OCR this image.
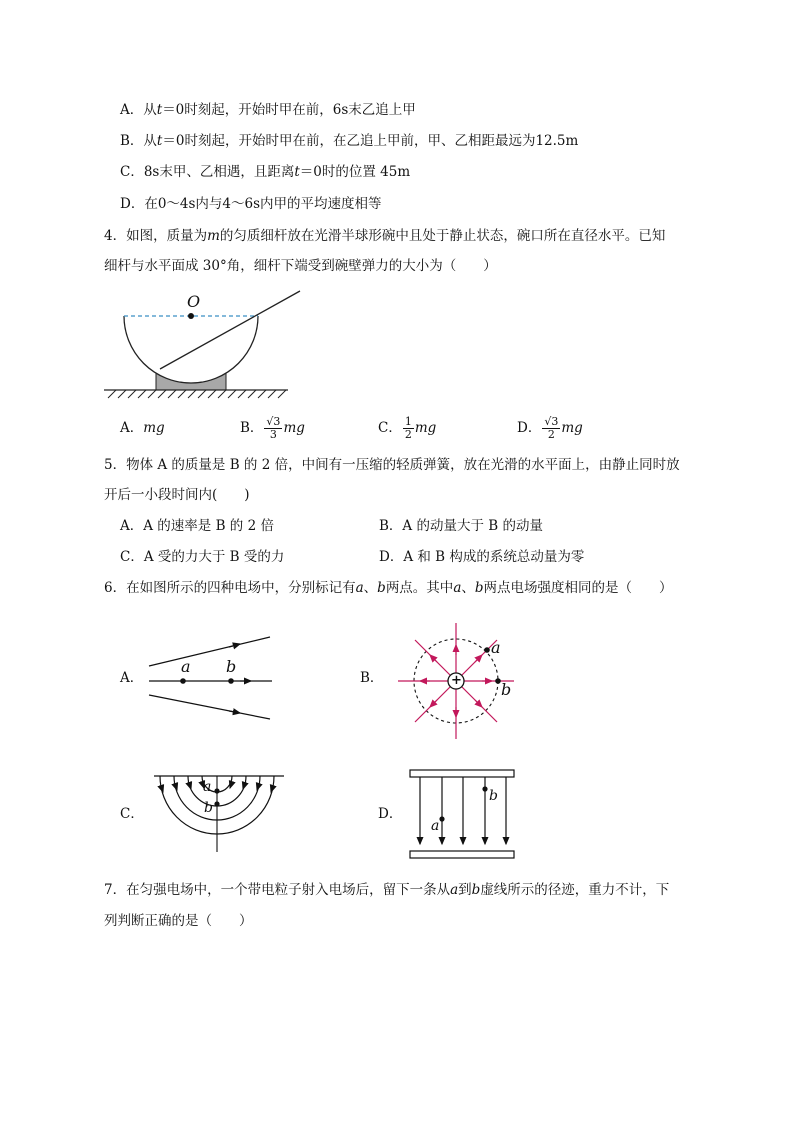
A．从t＝0时刻起，开始时甲在前，6s末乙追上甲
B．从t＝0时刻起，开始时甲在前，在乙追上甲前，甲、乙相距最远为12.5m
C．8s末甲、乙相遇，且距离t＝0时的位置 45m
D．在0～4s内与4～6s内甲的平均速度相等
4．如图，质量为m的匀质细杆放在光滑半球形碗中且处于静止状态，碗口所在直径水平。已知
细杆与水平面成 30°角，细杆下端受到碗壁弹力的大小为（　　）
O
A．mg	B． $\frac{√3}{3}$ mg	C． $\frac{1}{2}$ mg	D． $\frac{√3}{2}$ mg
5．物体 A 的质量是 B 的 2 倍，中间有一压缩的轻质弹簧，放在光滑的水平面上，由静止同时放
开后一小段时间内(　　)
A．A 的速率是 B 的 2 倍	B．A 的动量大于 B 的动量
C．A 受的力大于 B 受的力	D．A 和 B 构成的系统总动量为零
6．在如图所示的四种电场中，分别标记有a、b两点。其中a、b两点电场强度相同的是（　　）
A．
a b
B．	+
a
b
C．
a
b	D．
a
b
7．在匀强电场中，一个带电粒子射入电场后，留下一条从a到b虚线所示的径迹，重力不计，下
列判断正确的是（　　）
